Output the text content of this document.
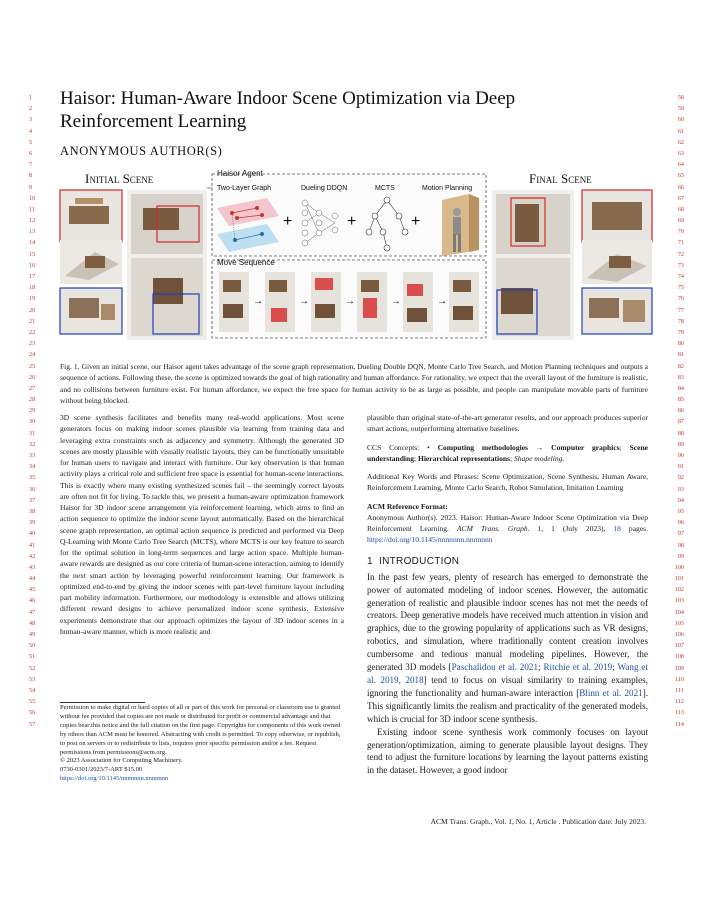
1
2
3
4
5
6
7
8
9
10
11
12
13
14
15
16
17
18
19
20
21
22
23
24
25
26
27
28
29
30
31
32
33
34
35
36
37
38
39
40
41
42
43
44
45
46
47
48
49
50
51
52
53
54
55
56
57
58
59
60
61
62
63
64
65
66
67
68
69
70
71
72
73
74
75
76
77
78
79
80
81
82
83
84
85
86
87
88
89
90
91
92
93
94
95
96
97
98
99
100
101
102
103
104
105
106
107
108
109
110
111
112
113
114
Haisor: Human-Aware Indoor Scene Optimization via Deep Reinforcement Learning
ANONYMOUS AUTHOR(S)
Initial Scene	Haisor Agent
Two-Layer Graph	Dueling DDQN	MCTS	Motion Planning
+	+	+
Move Sequence
→	→	→	→	→
Final Scene
Fig. 1. Given an initial scene, our Haisor agent takes advantage of the scene graph representation, Dueling Double DQN, Monte Carlo Tree Search, and Motion Planning techniques and outputs a sequence of actions. Following these, the scene is optimized towards the goal of high rationality and human affordance. For rationality, we expect that the overall layout of the furniture is realistic, and no collisions between furniture exist. For human affordance, we expect the free space for human activity to be as large as possible, and people can manipulate movable parts of furniture without being blocked.
3D scene synthesis facilitates and benefits many real-world applications. Most scene generators focus on making indoor scenes plausible via learning from training data and leveraging extra constraints such as adjacency and symmetry. Although the generated 3D scenes are mostly plausible with visually realistic layouts, they can be functionally unsuitable for human users to navigate and interact with furniture. Our key observation is that human activity plays a critical role and sufficient free space is essential for human-scene interactions. This is exactly where many existing synthesized scenes fail – the seemingly correct layouts are often not fit for living. To tackle this, we present a human-aware optimization framework Haisor for 3D indoor scene arrangement via reinforcement learning, which aims to find an action sequence to optimize the indoor scene layout automatically. Based on the hierarchical scene graph representation, an optimal action sequence is predicted and performed via Deep Q-Learning with Monte Carlo Tree Search (MCTS), where MCTS is our key feature to search for the optimal solution in long-term sequences and large action space. Multiple human-aware rewards are designed as our core criteria of human-scene interaction, aiming to identify the next smart action by leveraging powerful reinforcement learning. Our framework is optimized end-to-end by giving the indoor scenes with part-level furniture layout including part mobility information. Furthermore, our methodology is extensible and allows utilizing different reward designs to achieve personalized indoor scene synthesis. Extensive experiments demonstrate that our approach optimizes the layout of 3D indoor scenes in a human-aware manner, which is more realistic and

plausible than original state-of-the-art generator results, and our approach produces superior smart actions, outperforming alternative baselines.

CCS Concepts: • Computing methodologies → Computer graphics; Scene understanding; Hierarchical representations; Shape modeling.

Additional Key Words and Phrases: Scene Optimization, Scene Synthesis, Human Aware, Reinforcement Learning, Monte Carlo Search, Robot Simulation, Imitation Learning

ACM Reference Format:

Anonymous Author(s). 2023. Haisor: Human-Aware Indoor Scene Optimization via Deep Reinforcement Learning. ACM Trans. Graph. 1, 1 (July 2023), 18 pages. https://doi.org/10.1145/nnnnnnn.nnnnnnn

1 INTRODUCTION
In the past few years, plenty of research has emerged to demonstrate the power of automated modeling of indoor scenes. However, the automatic generation of realistic and plausible indoor scenes has not met the needs of creators. Deep generative models have received much attention in vision and graphics, due to the growing popularity of applications such as VR designs, robotics, and simulation, where traditionally content creation involves cumbersome and tedious manual modeling pipelines. However, the generated 3D models [Paschalidou et al. 2021; Ritchie et al. 2019; Wang et al. 2019, 2018] tend to focus on visual similarity to training examples, ignoring the functionality and human-aware interaction [Blinn et al. 2021]. This significantly limits the realism and practicality of the generated models, which is crucial for 3D indoor scene synthesis.
Existing indoor scene synthesis work commonly focuses on layout generation/optimization, aiming to generate plausible layout designs. They tend to adjust the furniture locations by learning the layout patterns existing in the dataset. However, a good indoor
Permission to make digital or hard copies of all or part of this work for personal or classroom use is granted without fee provided that copies are not made or distributed for profit or commercial advantage and that copies bear this notice and the full citation on the first page. Copyrights for components of this work owned by others than ACM must be honored. Abstracting with credit is permitted. To copy otherwise, or republish, to post on servers or to redistribute to lists, requires prior specific permission and/or a fee. Request permissions from permissions@acm.org.
© 2023 Association for Computing Machinery.
0730-0301/2023/7-ART $15.00
https://doi.org/10.1145/nnnnnnn.nnnnnnn
ACM Trans. Graph., Vol. 1, No. 1, Article . Publication date: July 2023.
